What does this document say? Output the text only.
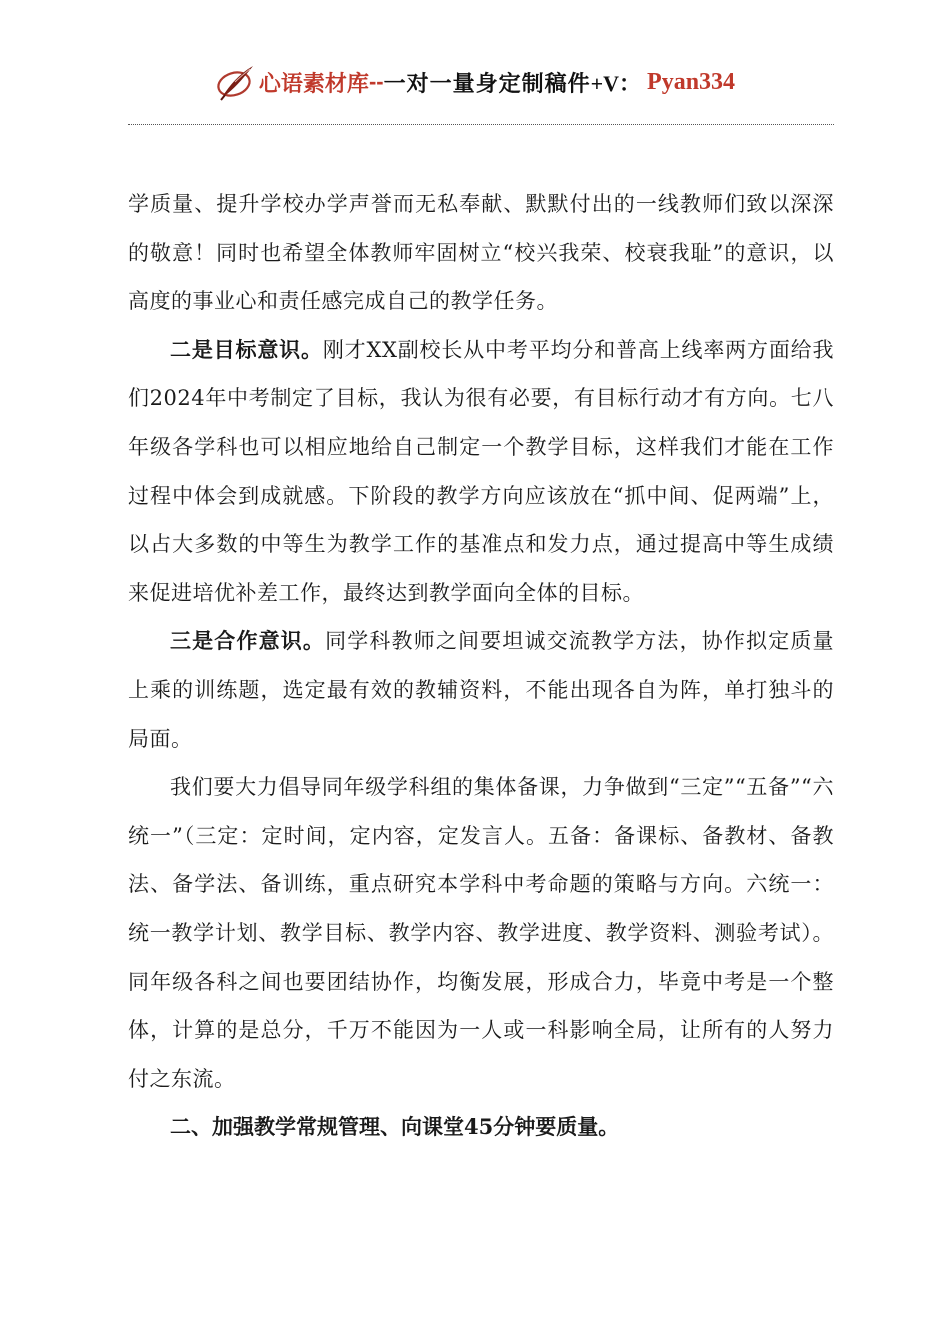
心语素材库 -- 一对一量身定制稿件 +V： Pyan334

学质量、提升学校办学声誉而无私奉献、默默付出的一线教师们致以深深的敬意！同时也希望全体教师牢固树立“校兴我荣、校衰我耻”的意识，以高度的事业心和责任感完成自己的教学任务。

二是目标意识。刚才XX副校长从中考平均分和普高上线率两方面给我们2024年中考制定了目标，我认为很有必要，有目标行动才有方向。七八年级各学科也可以相应地给自己制定一个教学目标，这样我们才能在工作过程中体会到成就感。下阶段的教学方向应该放在“抓中间、促两端”上，以占大多数的中等生为教学工作的基准点和发力点，通过提高中等生成绩来促进培优补差工作，最终达到教学面向全体的目标。

三是合作意识。同学科教师之间要坦诚交流教学方法，协作拟定质量上乘的训练题，选定最有效的教辅资料，不能出现各自为阵，单打独斗的局面。

我们要大力倡导同年级学科组的集体备课，力争做到“三定”“五备”“六统一”（三定：定时间，定内容，定发言人。五备：备课标、备教材、备教法、备学法、备训练，重点研究本学科中考命题的策略与方向。六统一：统一教学计划、教学目标、教学内容、教学进度、教学资料、测验考试）。同年级各科之间也要团结协作，均衡发展，形成合力，毕竟中考是一个整体，计算的是总分，千万不能因为一人或一科影响全局，让所有的人努力付之东流。

二、加强教学常规管理、向课堂45分钟要质量。
